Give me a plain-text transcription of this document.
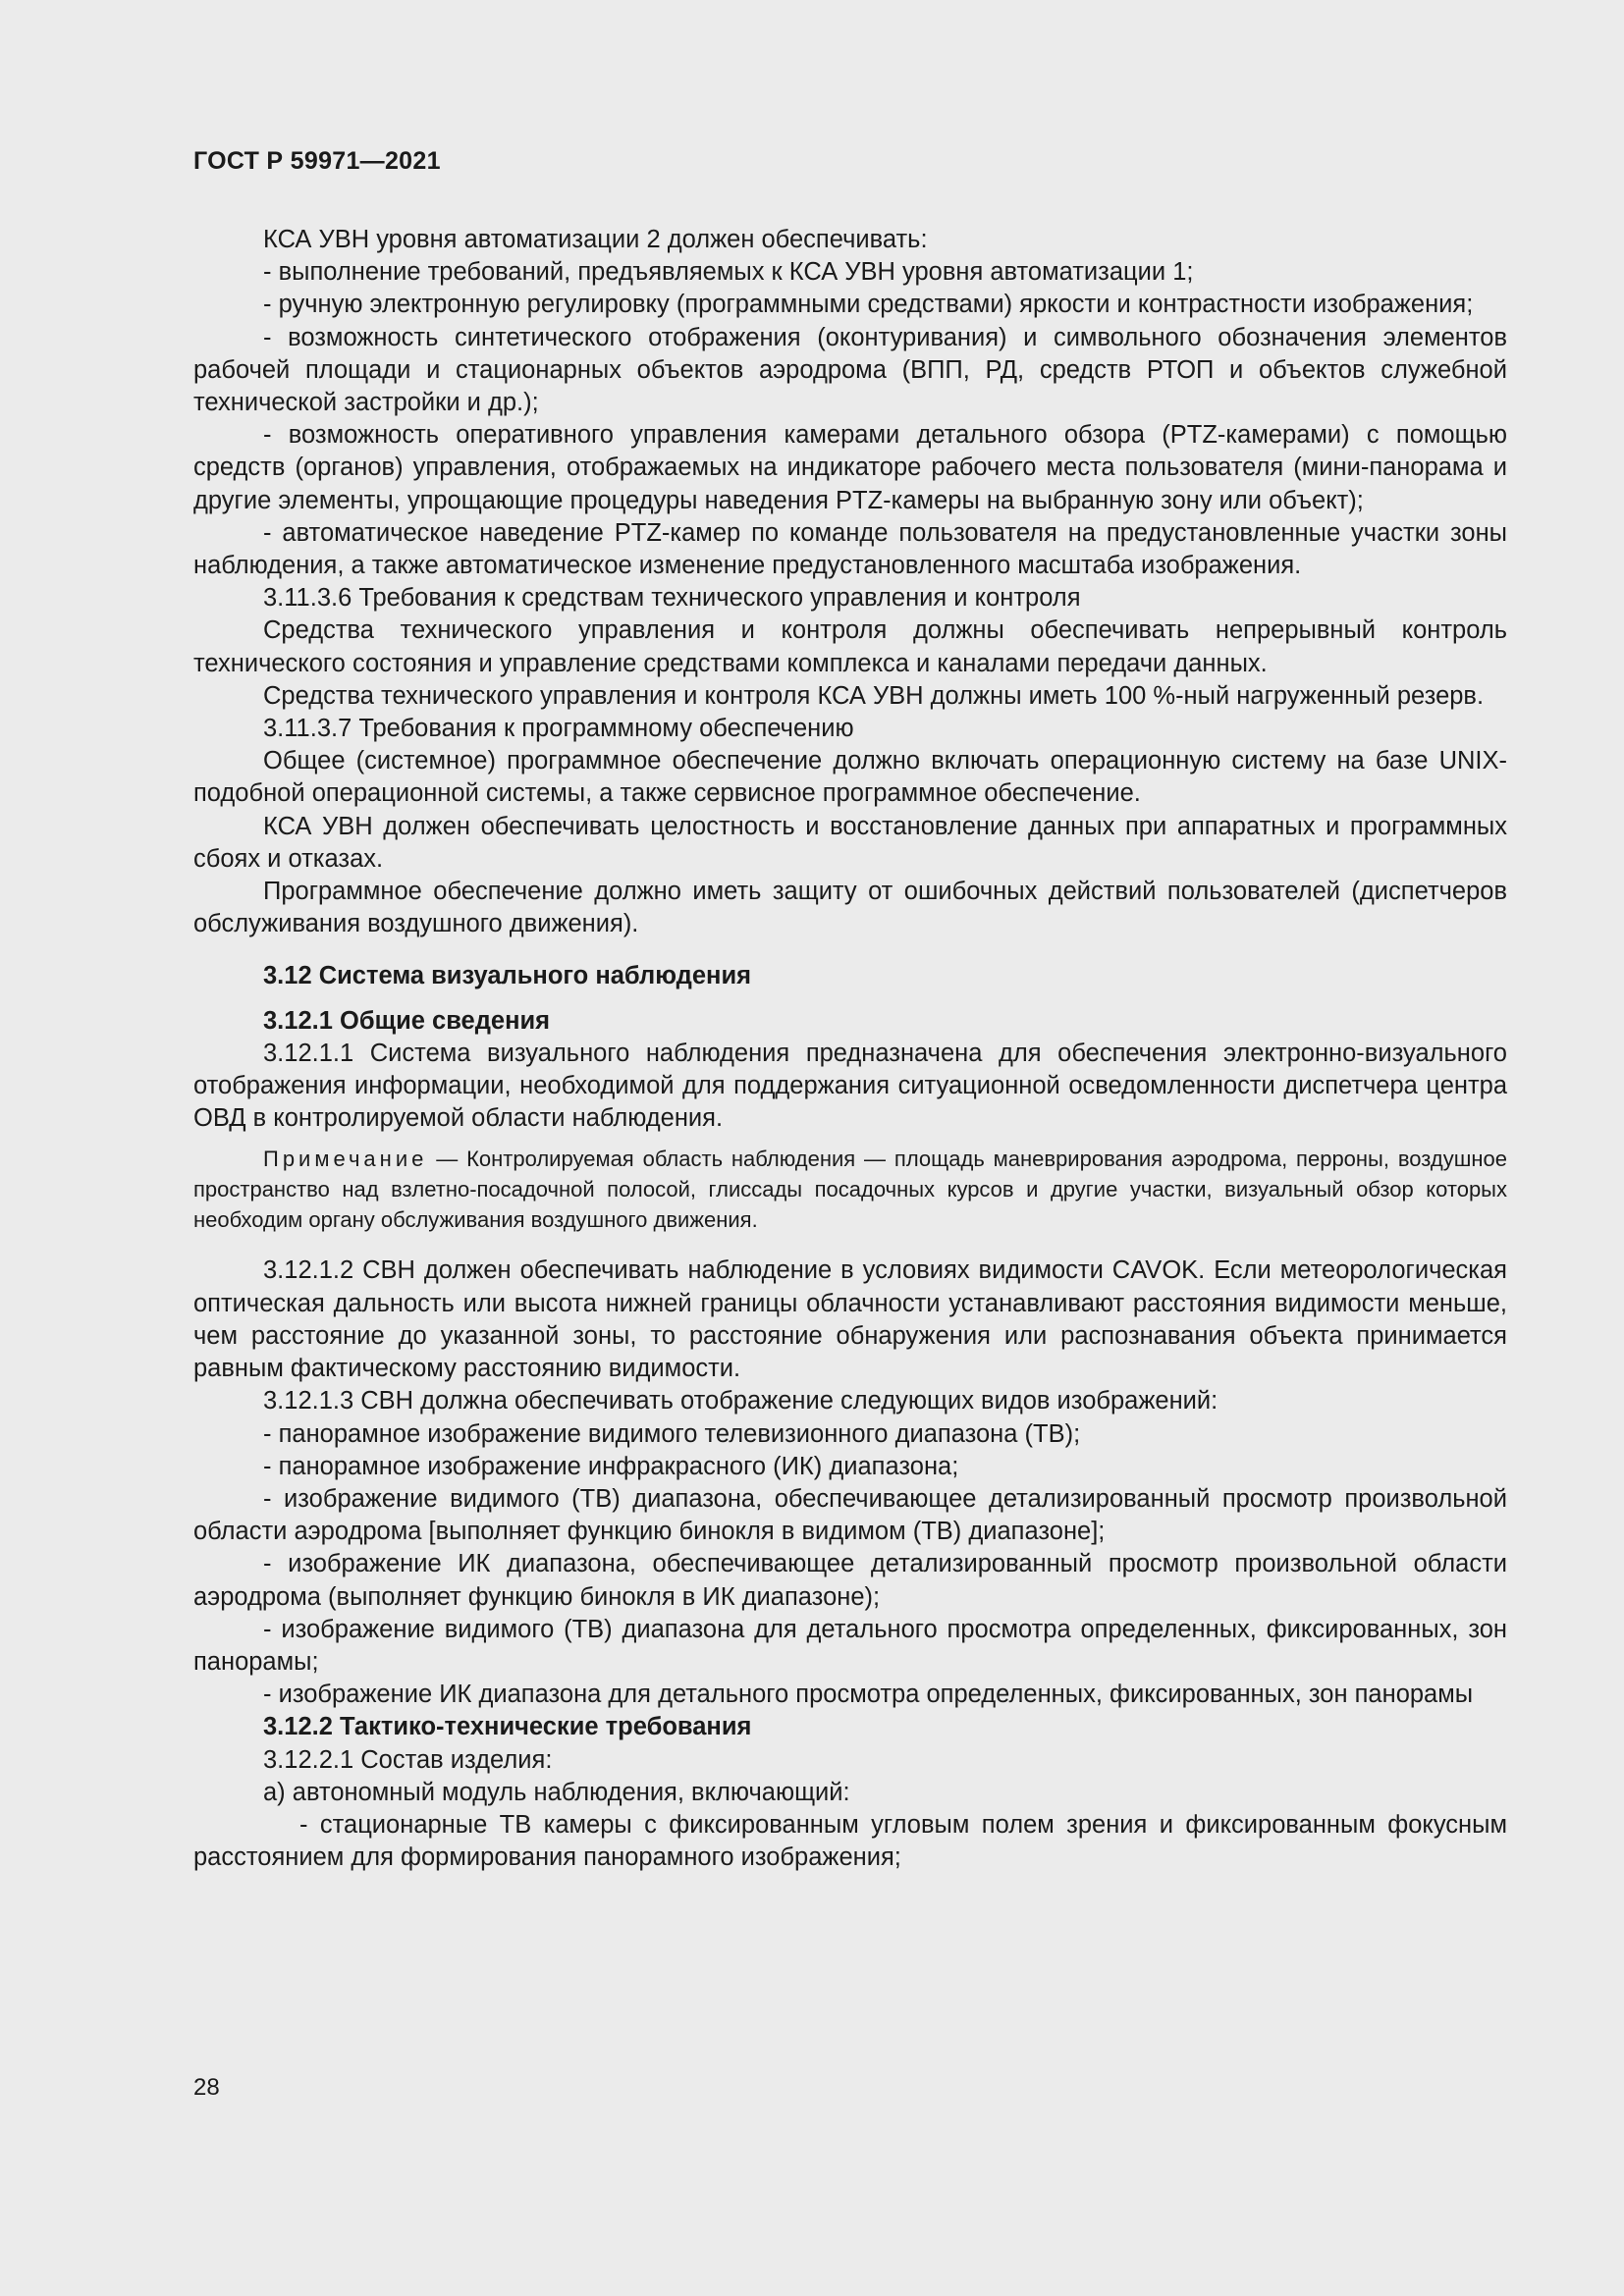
ГОСТ Р 59971—2021

КСА УВН уровня автоматизации 2 должен обеспечивать:

- выполнение требований, предъявляемых к КСА УВН уровня автоматизации 1;

- ручную электронную регулировку (программными средствами) яркости и контрастности изображения;

- возможность синтетического отображения (оконтуривания) и символьного обозначения элементов рабочей площади и стационарных объектов аэродрома (ВПП, РД, средств РТОП и объектов служебной технической застройки и др.);

- возможность оперативного управления камерами детального обзора (PTZ-камерами) с помощью средств (органов) управления, отображаемых на индикаторе рабочего места пользователя (мини-панорама и другие элементы, упрощающие процедуры наведения PTZ-камеры на выбранную зону или объект);

- автоматическое наведение PTZ-камер по команде пользователя на предустановленные участки зоны наблюдения, а также автоматическое изменение предустановленного масштаба изображения.

3.11.3.6 Требования к средствам технического управления и контроля

Средства технического управления и контроля должны обеспечивать непрерывный контроль технического состояния и управление средствами комплекса и каналами передачи данных.

Средства технического управления и контроля КСА УВН должны иметь 100 %-ный нагруженный резерв.

3.11.3.7 Требования к программному обеспечению

Общее (системное) программное обеспечение должно включать операционную систему на базе UNIX-подобной операционной системы, а также сервисное программное обеспечение.

КСА УВН должен обеспечивать целостность и восстановление данных при аппаратных и программных сбоях и отказах.

Программное обеспечение должно иметь защиту от ошибочных действий пользователей (диспетчеров обслуживания воздушного движения).

3.12 Система визуального наблюдения

3.12.1 Общие сведения

3.12.1.1 Система визуального наблюдения предназначена для обеспечения электронно-визуального отображения информации, необходимой для поддержания ситуационной осведомленности диспетчера центра ОВД в контролируемой области наблюдения.

Примечание — Контролируемая область наблюдения — площадь маневрирования аэродрома, перроны, воздушное пространство над взлетно-посадочной полосой, глиссады посадочных курсов и другие участки, визуальный обзор которых необходим органу обслуживания воздушного движения.

3.12.1.2 СВН должен обеспечивать наблюдение в условиях видимости CAVOK. Если метеорологическая оптическая дальность или высота нижней границы облачности устанавливают расстояния видимости меньше, чем расстояние до указанной зоны, то расстояние обнаружения или распознавания объекта принимается равным фактическому расстоянию видимости.

3.12.1.3 СВН должна обеспечивать отображение следующих видов изображений:

- панорамное изображение видимого телевизионного диапазона (ТВ);

- панорамное изображение инфракрасного (ИК) диапазона;

- изображение видимого (ТВ) диапазона, обеспечивающее детализированный просмотр произвольной области аэродрома [выполняет функцию бинокля в видимом (ТВ) диапазоне];

- изображение ИК диапазона, обеспечивающее детализированный просмотр произвольной области аэродрома (выполняет функцию бинокля в ИК диапазоне);

- изображение видимого (ТВ) диапазона для детального просмотра определенных, фиксированных, зон панорамы;

- изображение ИК диапазона для детального просмотра определенных, фиксированных, зон панорамы

3.12.2 Тактико-технические требования

3.12.2.1 Состав изделия:

а) автономный модуль наблюдения, включающий:

- стационарные ТВ камеры с фиксированным угловым полем зрения и фиксированным фокусным расстоянием для формирования панорамного изображения;

28
